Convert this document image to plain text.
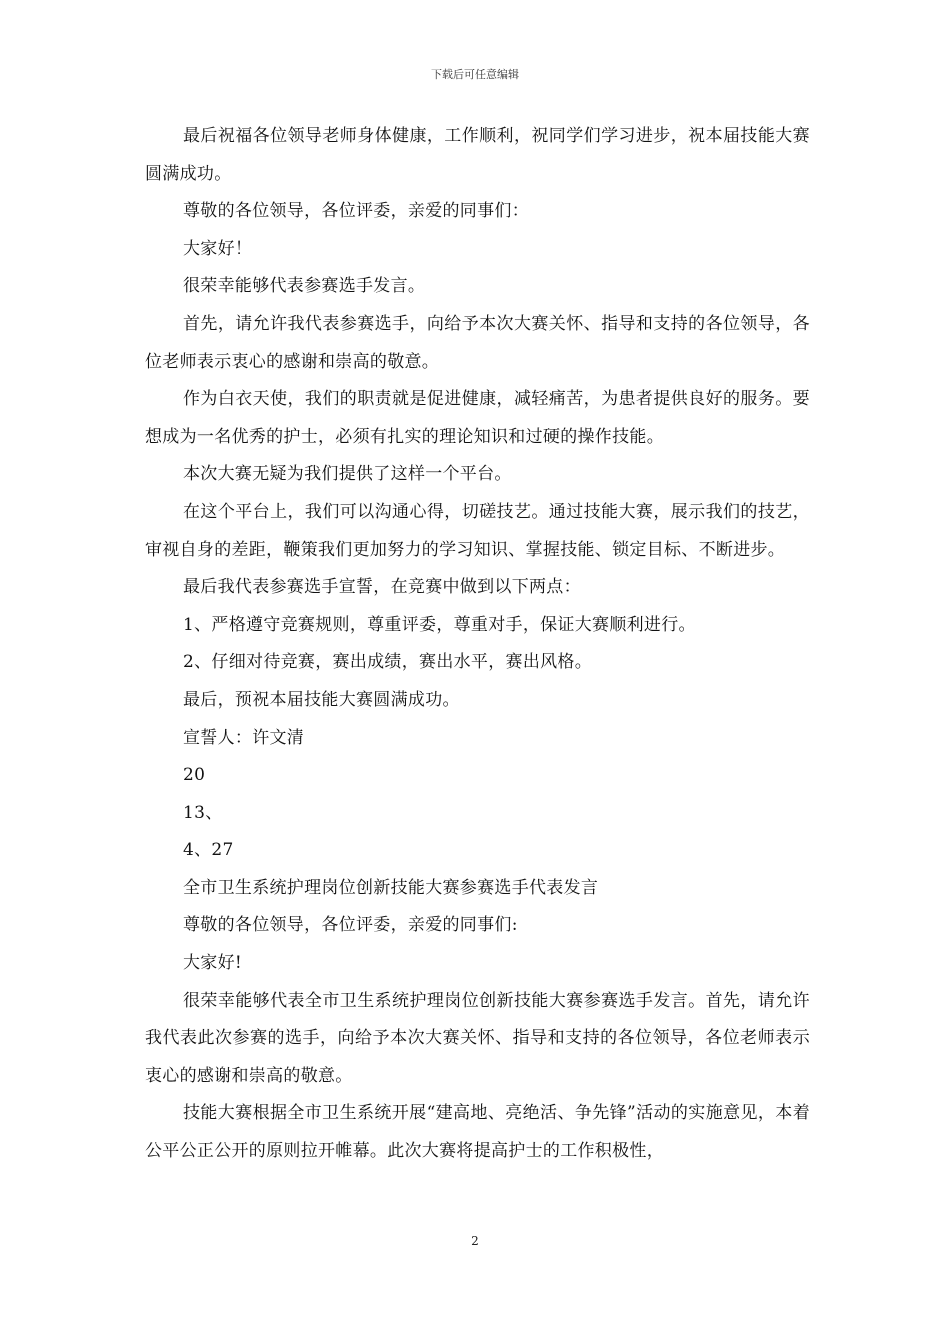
下载后可任意编辑

最后祝福各位领导老师身体健康，工作顺利，祝同学们学习进步，祝本届技能大赛圆满成功。

尊敬的各位领导，各位评委，亲爱的同事们：

大家好！

很荣幸能够代表参赛选手发言。

首先，请允许我代表参赛选手，向给予本次大赛关怀、指导和支持的各位领导，各位老师表示衷心的感谢和崇高的敬意。

作为白衣天使，我们的职责就是促进健康，减轻痛苦，为患者提供良好的服务。要想成为一名优秀的护士，必须有扎实的理论知识和过硬的操作技能。

本次大赛无疑为我们提供了这样一个平台。

在这个平台上，我们可以沟通心得，切磋技艺。通过技能大赛，展示我们的技艺，审视自身的差距，鞭策我们更加努力的学习知识、掌握技能、锁定目标、不断进步。

最后我代表参赛选手宣誓，在竞赛中做到以下两点：

1、严格遵守竞赛规则，尊重评委，尊重对手，保证大赛顺利进行。

2、仔细对待竞赛，赛出成绩，赛出水平，赛出风格。

最后，预祝本届技能大赛圆满成功。

宣誓人：许文清

20

13、

4、27

全市卫生系统护理岗位创新技能大赛参赛选手代表发言

尊敬的各位领导，各位评委，亲爱的同事们:

大家好!

很荣幸能够代表全市卫生系统护理岗位创新技能大赛参赛选手发言。首先，请允许我代表此次参赛的选手，向给予本次大赛关怀、指导和支持的各位领导，各位老师表示衷心的感谢和崇高的敬意。

技能大赛根据全市卫生系统开展“建高地、亮绝活、争先锋”活动的实施意见，本着公平公正公开的原则拉开帷幕。此次大赛将提高护士的工作积极性，

2
